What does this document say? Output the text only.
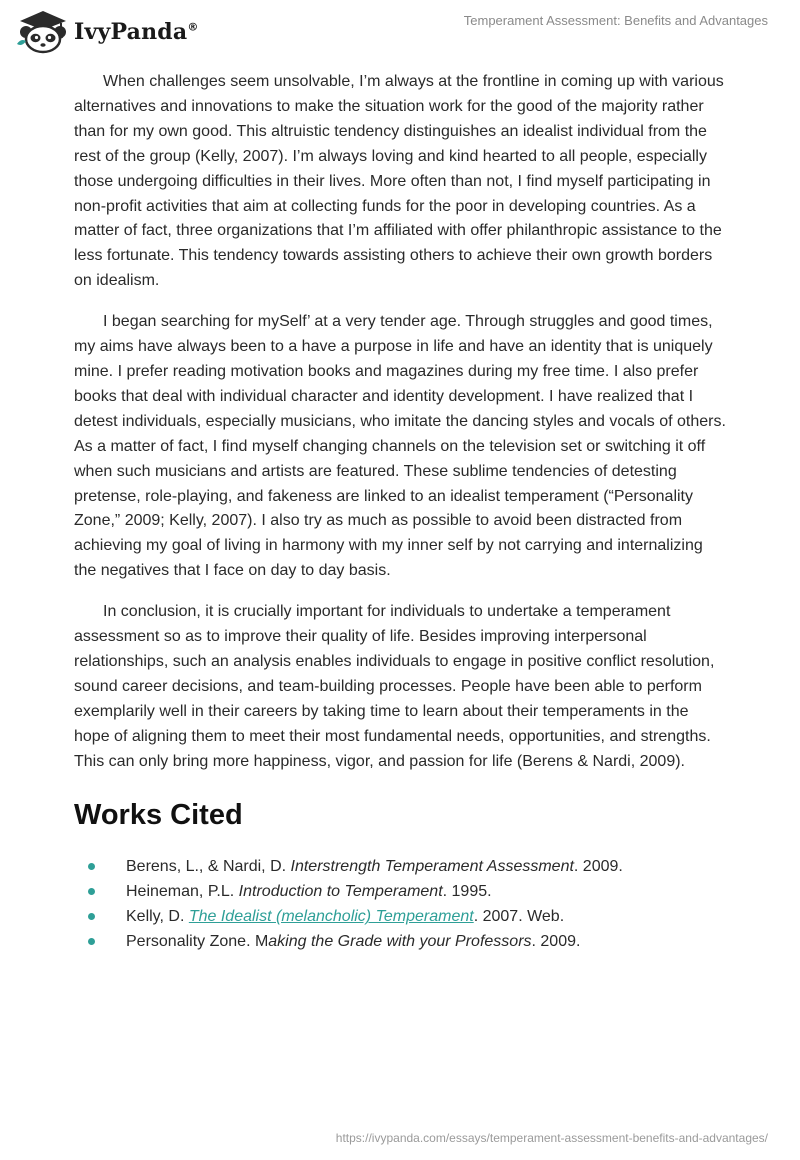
IvyPanda®	Temperament Assessment: Benefits and Advantages

When challenges seem unsolvable, I’m always at the frontline in coming up with various alternatives and innovations to make the situation work for the good of the majority rather than for my own good. This altruistic tendency distinguishes an idealist individual from the rest of the group (Kelly, 2007). I’m always loving and kind hearted to all people, especially those undergoing difficulties in their lives. More often than not, I find myself participating in non-profit activities that aim at collecting funds for the poor in developing countries. As a matter of fact, three organizations that I’m affiliated with offer philanthropic assistance to the less fortunate. This tendency towards assisting others to achieve their own growth borders on idealism.

I began searching for mySelf’ at a very tender age. Through struggles and good times, my aims have always been to a have a purpose in life and have an identity that is uniquely mine. I prefer reading motivation books and magazines during my free time. I also prefer books that deal with individual character and identity development. I have realized that I detest individuals, especially musicians, who imitate the dancing styles and vocals of others. As a matter of fact, I find myself changing channels on the television set or switching it off when such musicians and artists are featured. These sublime tendencies of detesting pretense, role-playing, and fakeness are linked to an idealist temperament (“Personality Zone,” 2009; Kelly, 2007). I also try as much as possible to avoid been distracted from achieving my goal of living in harmony with my inner self by not carrying and internalizing the negatives that I face on day to day basis.

In conclusion, it is crucially important for individuals to undertake a temperament assessment so as to improve their quality of life. Besides improving interpersonal relationships, such an analysis enables individuals to engage in positive conflict resolution, sound career decisions, and team-building processes. People have been able to perform exemplarily well in their careers by taking time to learn about their temperaments in the hope of aligning them to meet their most fundamental needs, opportunities, and strengths. This can only bring more happiness, vigor, and passion for life (Berens & Nardi, 2009).

Works Cited
Berens, L., & Nardi, D. Interstrength Temperament Assessment. 2009.
Heineman, P.L. Introduction to Temperament. 1995.
Kelly, D. The Idealist (melancholic) Temperament. 2007. Web.
Personality Zone. Making the Grade with your Professors. 2009.
https://ivypanda.com/essays/temperament-assessment-benefits-and-advantages/
